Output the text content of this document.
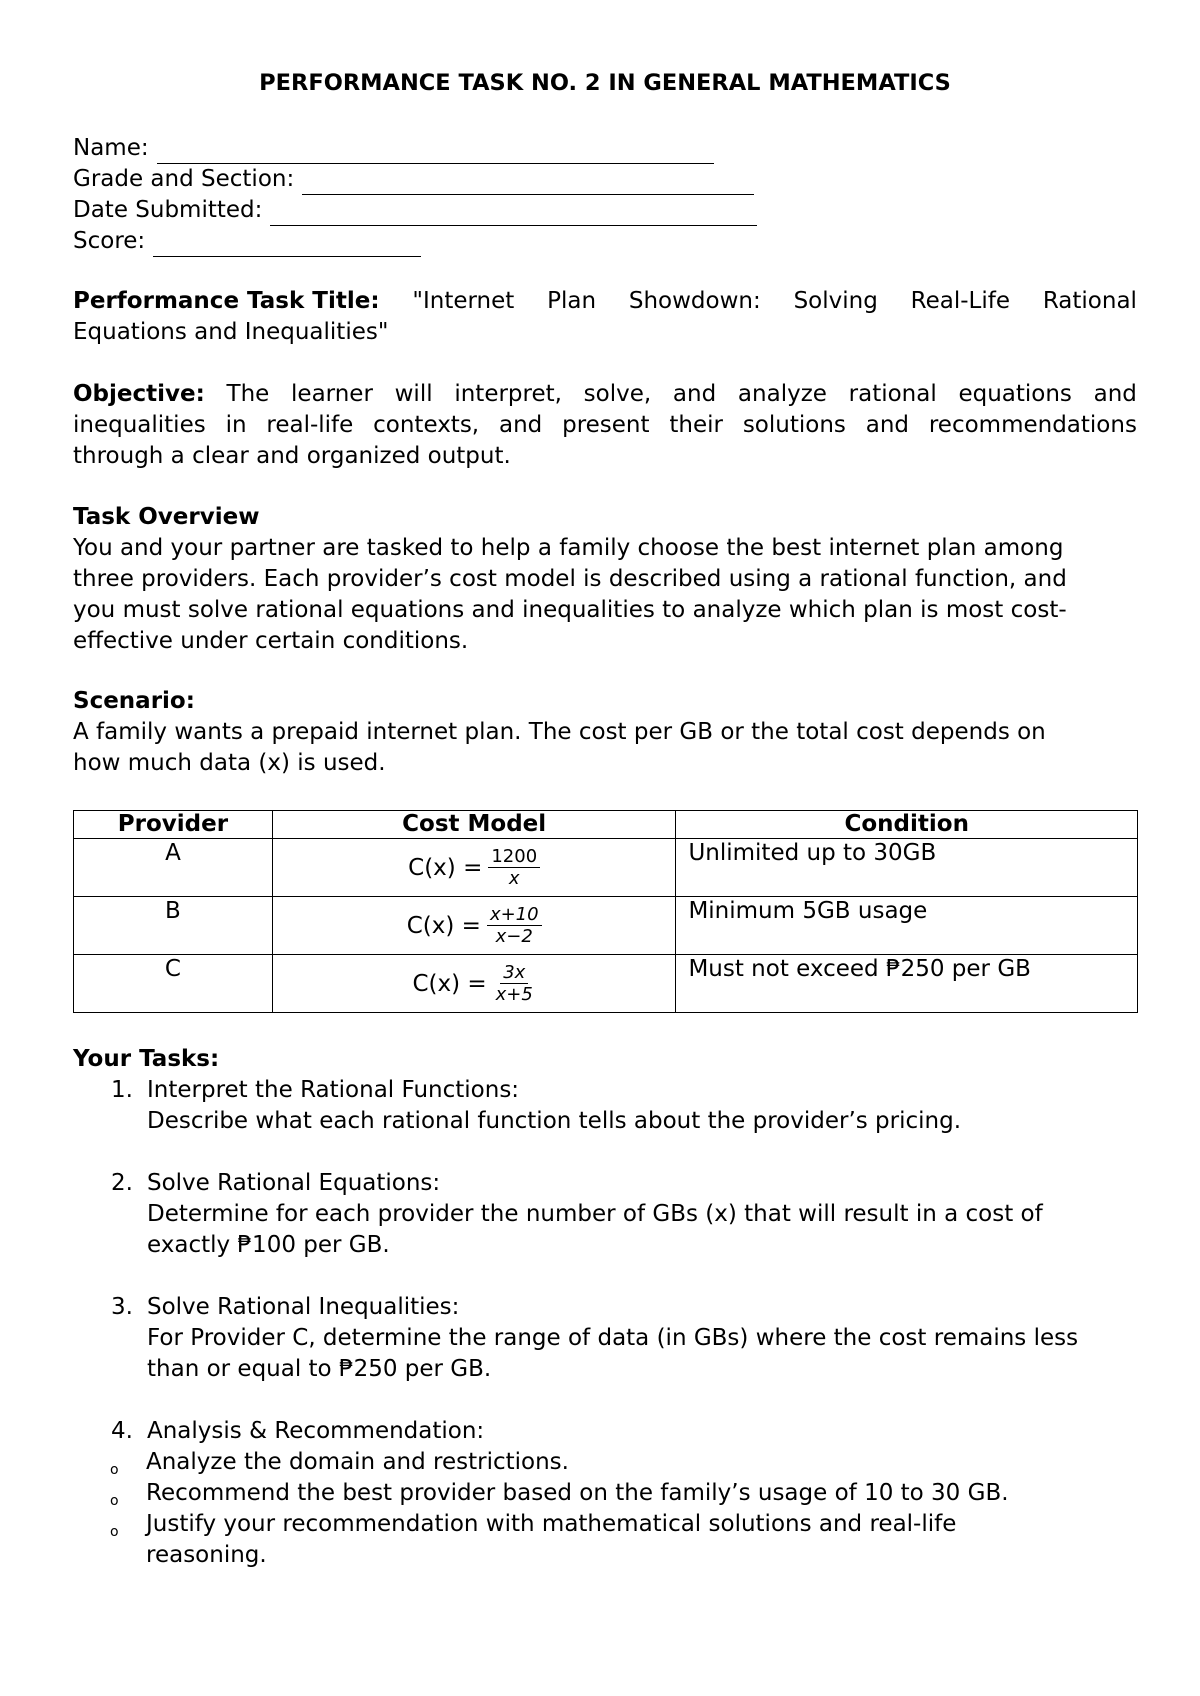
PERFORMANCE TASK NO. 2 IN GENERAL MATHEMATICS
Name:
Grade and Section:
Date Submitted:
Score:
Performance Task Title: "Internet Plan Showdown: Solving Real-Life Rational
Equations and Inequalities"
Objective: The learner will interpret, solve, and analyze rational equations and
inequalities in real-life contexts, and present their solutions and recommendations
through a clear and organized output.
Task Overview
You and your partner are tasked to help a family choose the best internet plan among
three providers. Each provider’s cost model is described using a rational function, and
you must solve rational equations and inequalities to analyze which plan is most cost-
effective under certain conditions.
Scenario:
A family wants a prepaid internet plan. The cost per GB or the total cost depends on
how much data (x) is used.
Provider	Cost Model	Condition
A	$C(x) = \frac{1200}{x}$	Unlimited up to 30GB
B	$C(x) = \frac{x+10}{x-2}$	Minimum 5GB usage
C	$C(x) = \frac{3x}{x+5}$	Must not exceed ₱250 per GB
Your Tasks:
1. Interpret the Rational Functions:
Describe what each rational function tells about the provider’s pricing.
2. Solve Rational Equations:
Determine for each provider the number of GBs (x) that will result in a cost of
exactly ₱100 per GB.
3. Solve Rational Inequalities:
For Provider C, determine the range of data (in GBs) where the cost remains less
than or equal to ₱250 per GB.
4. Analysis & Recommendation:
o Analyze the domain and restrictions.
o Recommend the best provider based on the family’s usage of 10 to 30 GB.
o Justify your recommendation with mathematical solutions and real-life
reasoning.
